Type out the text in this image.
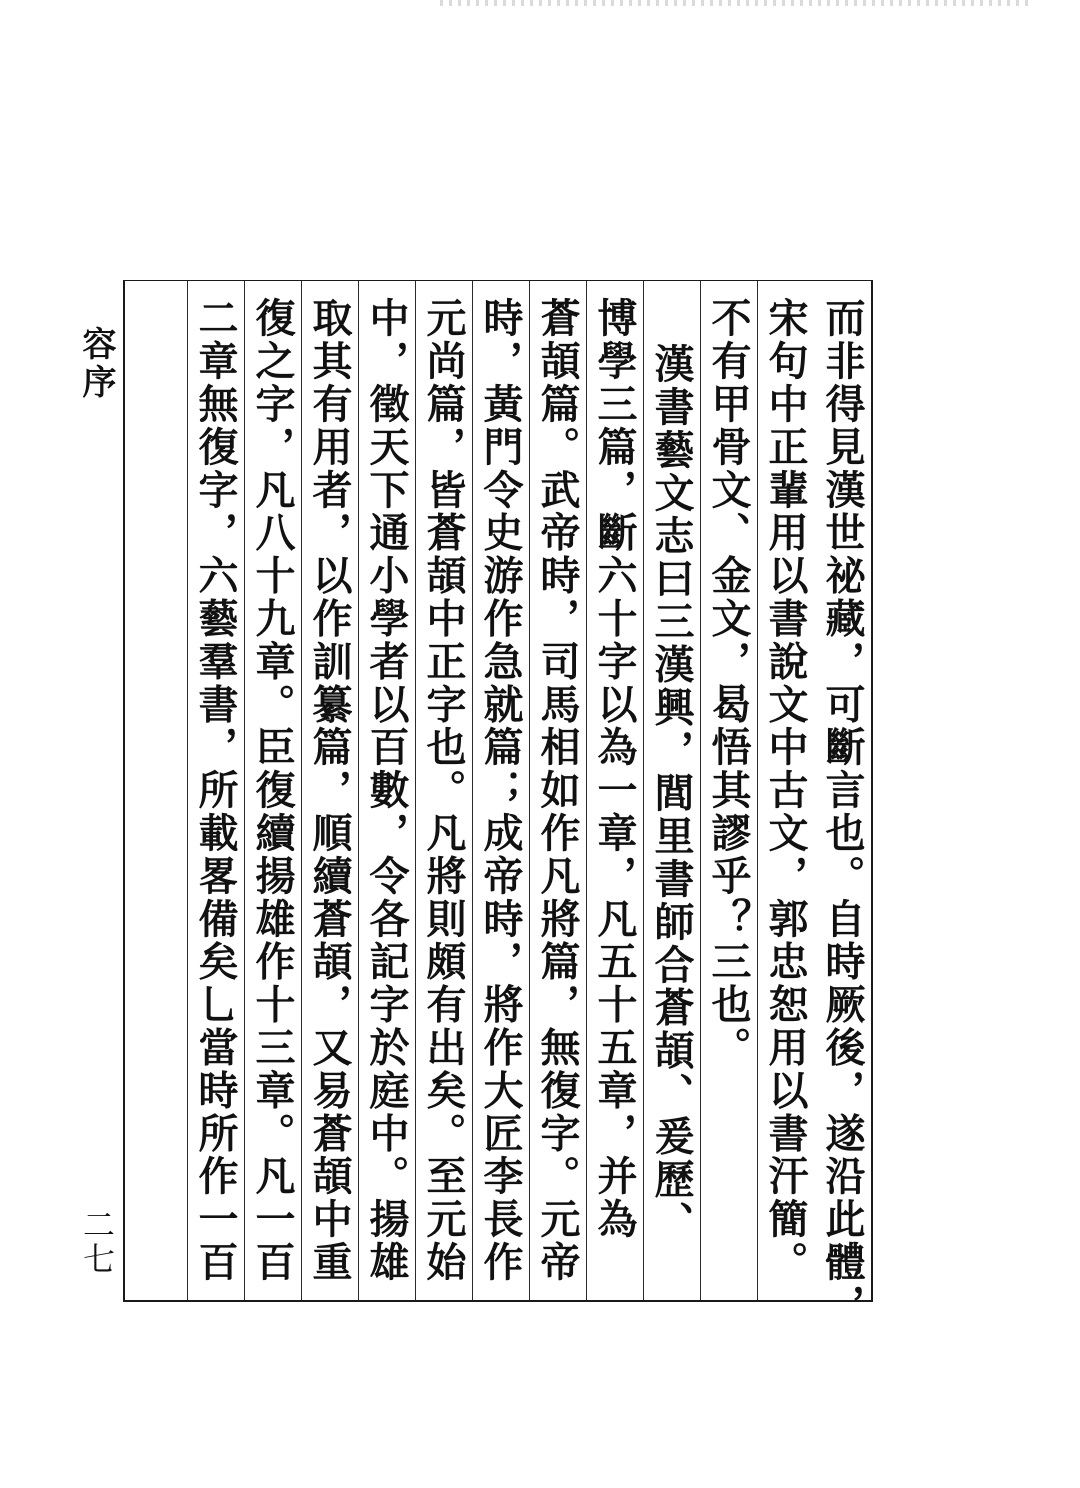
容序
二七	而非得見漢世祕藏，可斷言也。自時厥後，遂沿此體，
宋句中正輩用以書說文中古文，郭忠恕用以書汗簡。
不有甲骨文、金文，曷悟其謬乎？三也。
漢書藝文志曰三漢興，閭里書師合蒼頡、爰歷、
博學三篇，斷六十字以為一章，凡五十五章，并為
蒼頡篇。武帝時，司馬相如作凡將篇，無復字。元帝
時，黃門令史游作急就篇；成帝時，將作大匠李長作
元尚篇，皆蒼頡中正字也。凡將則頗有出矣。至元始
中，徵天下通小學者以百數，令各記字於庭中。揚雄
取其有用者，以作訓纂篇，順續蒼頡，又易蒼頡中重
復之字，凡八十九章。臣復續揚雄作十三章。凡一百
二章無復字，六藝羣書，所載畧備矣乚當時所作一百
